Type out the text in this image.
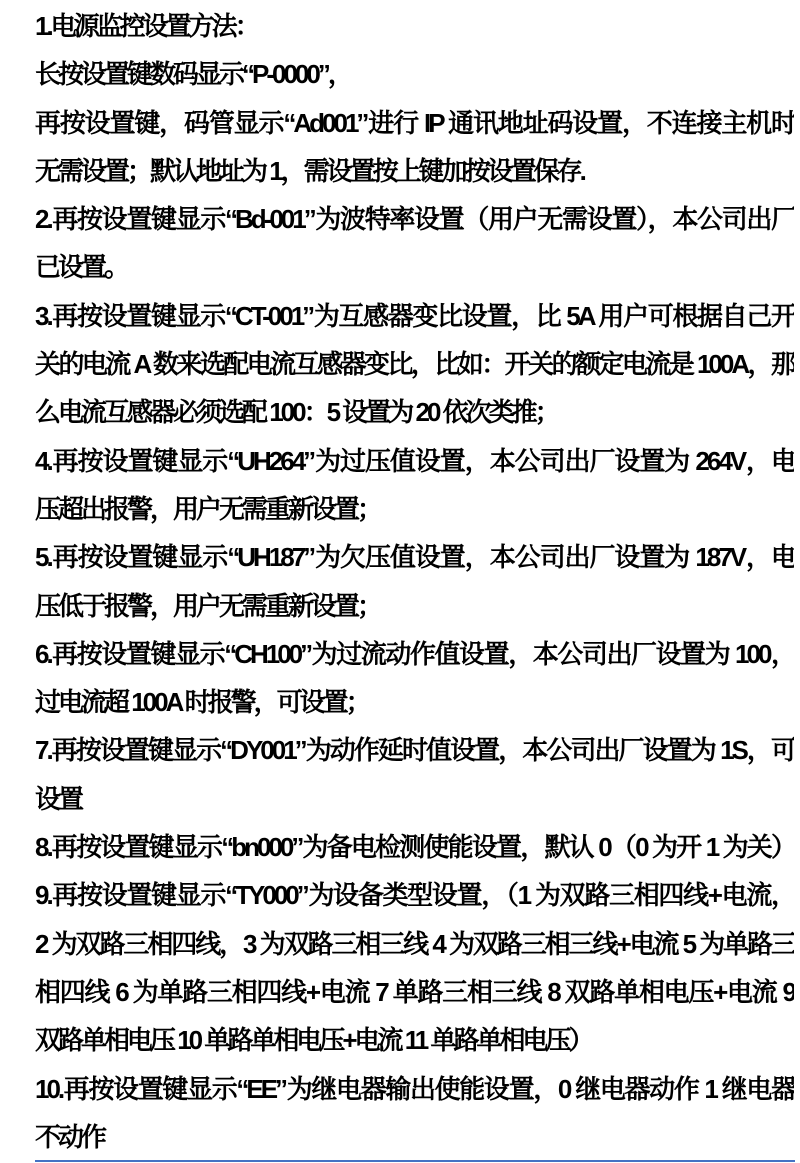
1.电源监控设置方法：
长按设置键数码显示“P-0000”，
再按设置键，码管显示“Ad001”进行 IP 通讯地址码设置，不连接主机时
无需设置；默认地址为 1，需设置按上键加按设置保存.
2.再按设置键显示“Bd-001”为波特率设置（用户无需设置），本公司出厂
已设置。
3.再按设置键显示“CT-001”为互感器变比设置，比 5A 用户可根据自己开
关的电流 A 数来选配电流互感器变比，比如：开关的额定电流是 100A，那
么电流互感器必须选配 100：5 设置为 20 依次类推；
4.再按设置键显示“UH264”为过压值设置，本公司出厂设置为 264V，电
压超出报警，用户无需重新设置；
5.再按设置键显示“UH187”为欠压值设置，本公司出厂设置为 187V，电
压低于报警，用户无需重新设置；
6.再按设置键显示“CH100”为过流动作值设置，本公司出厂设置为 100，
过电流超 100A 时报警，可设置；
7.再按设置键显示“DY001”为动作延时值设置，本公司出厂设置为 1S，可
设置
8.再按设置键显示“bn000”为备电检测使能设置，默认 0（0 为开 1 为关）
9.再按设置键显示“TY000”为设备类型设置，（1 为双路三相四线+电流，
2 为双路三相四线，3 为双路三相三线 4 为双路三相三线+电流 5 为单路三
相四线 6 为单路三相四线+电流 7 单路三相三线 8 双路单相电压+电流 9
双路单相电压 10 单路单相电压+电流 11 单路单相电压）
10.再按设置键显示“EE”为继电器输出使能设置，0 继电器动作 1 继电器
不动作
